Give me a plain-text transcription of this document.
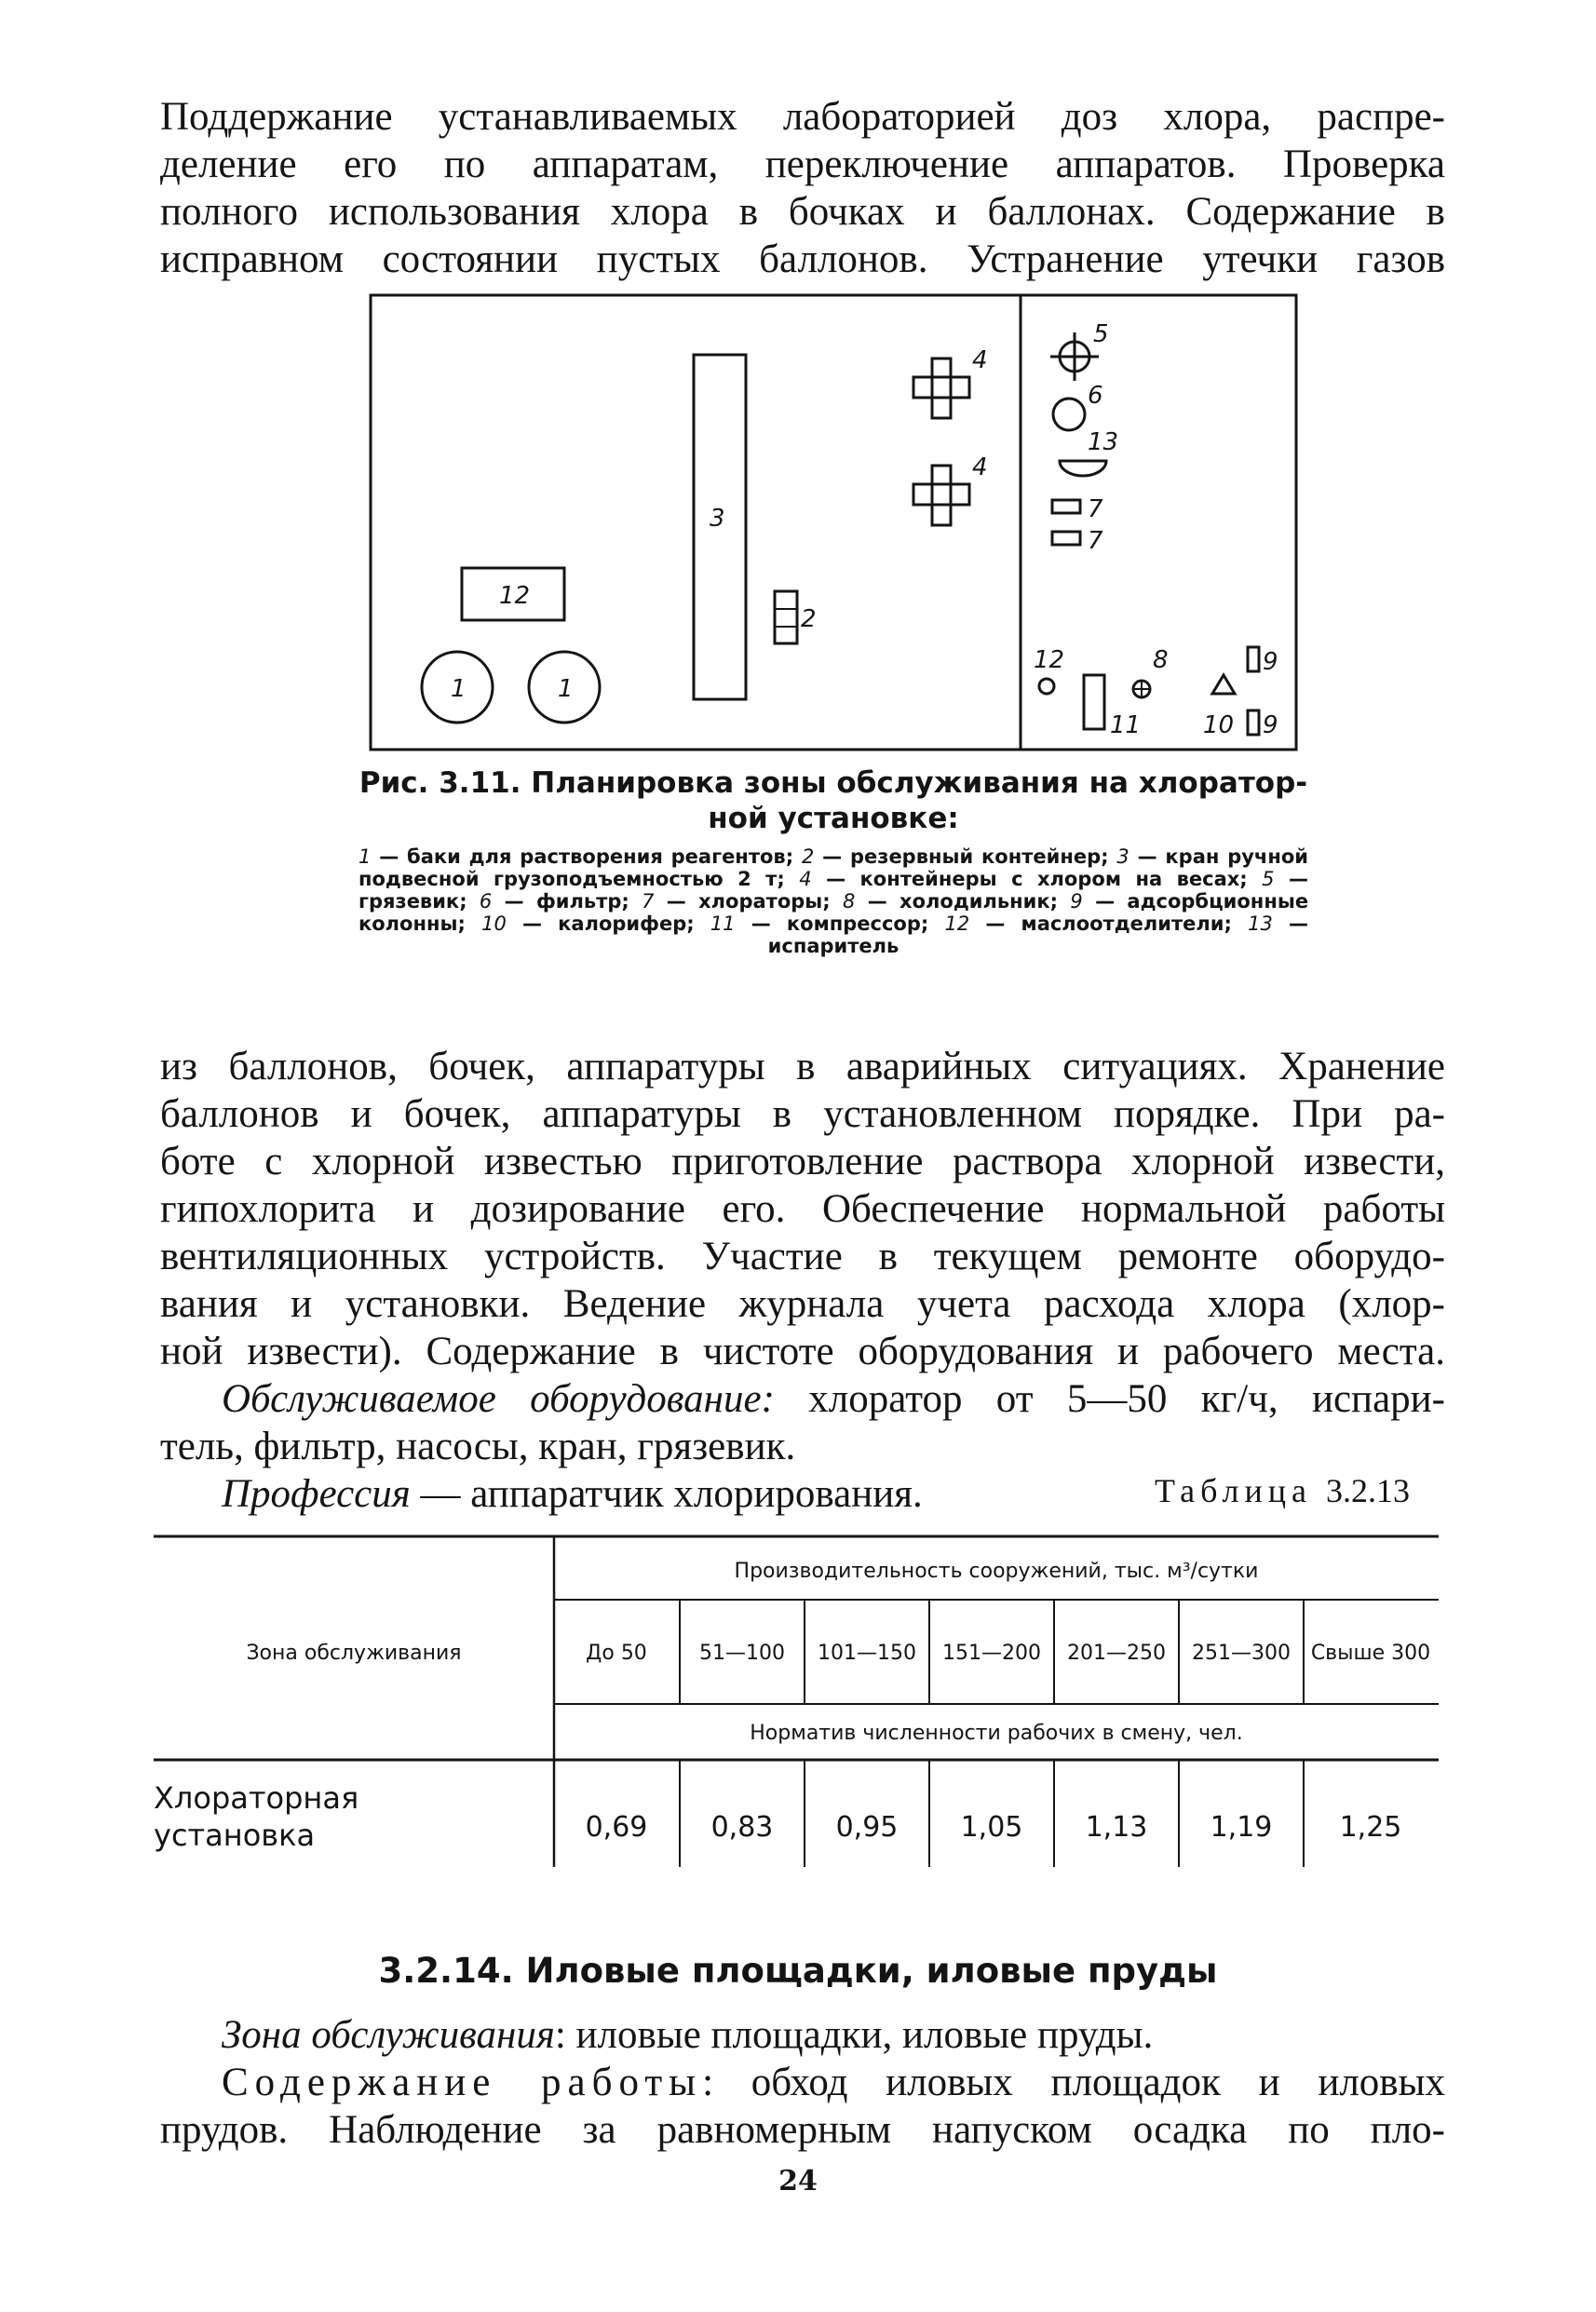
Поддержание устанавливаемых лабораторией доз хлора, распре-

деление его по аппаратам, переключение аппаратов. Проверка

полного использования хлора в бочках и баллонах. Содержание в

исправном состоянии пустых баллонов. Устранение утечки газов

12
1	1
3
2
4
4
5
6
13
7
7
12
11
8
10
9
9
Рис. 3.11. Планировка зоны обслуживания на хлоратор-
ной установке:
1 — баки для растворения реагентов; 2 — резервный контейнер; 3 — кран ручной подвесной грузоподъемностью 2 т; 4 — контейнеры с хлором на весах; 5 — грязевик; 6 — фильтр; 7 — хлораторы; 8 — холодильник; 9 — адсорбционные колонны; 10 — калорифер; 11 — компрессор; 12 — маслоотделители; 13 — испаритель

из баллонов, бочек, аппаратуры в аварийных ситуациях. Хранение

баллонов и бочек, аппаратуры в установленном порядке. При ра-

боте с хлорной известью приготовление раствора хлорной извести,

гипохлорита и дозирование его. Обеспечение нормальной работы

вентиляционных устройств. Участие в текущем ремонте оборудо-

вания и установки. Ведение журнала учета расхода хлора (хлор-

ной извести). Содержание в чистоте оборудования и рабочего места.

Обслуживаемое оборудование: хлоратор от 5—50 кг/ч, испари-

тель, фильтр, насосы, кран, грязевик.

Профессия — аппаратчик хлорирования.	Таблица 3.2.13
Зона обслуживания
Производительность сооружений, тыс. м³/сутки
До 50	51—100 101—150 151—200 201—250 251—300 Свыше 300
Норматив численности рабочих в смену, чел.
Хлораторная
установка	0,69 0,83 0,95 1,05 1,13 1,19 1,25
3.2.14. Иловые площадки, иловые пруды

Зона обслуживания: иловые площадки, иловые пруды.

Содержание работы: обход иловых площадок и иловых

прудов. Наблюдение за равномерным напуском осадка по пло-

24
